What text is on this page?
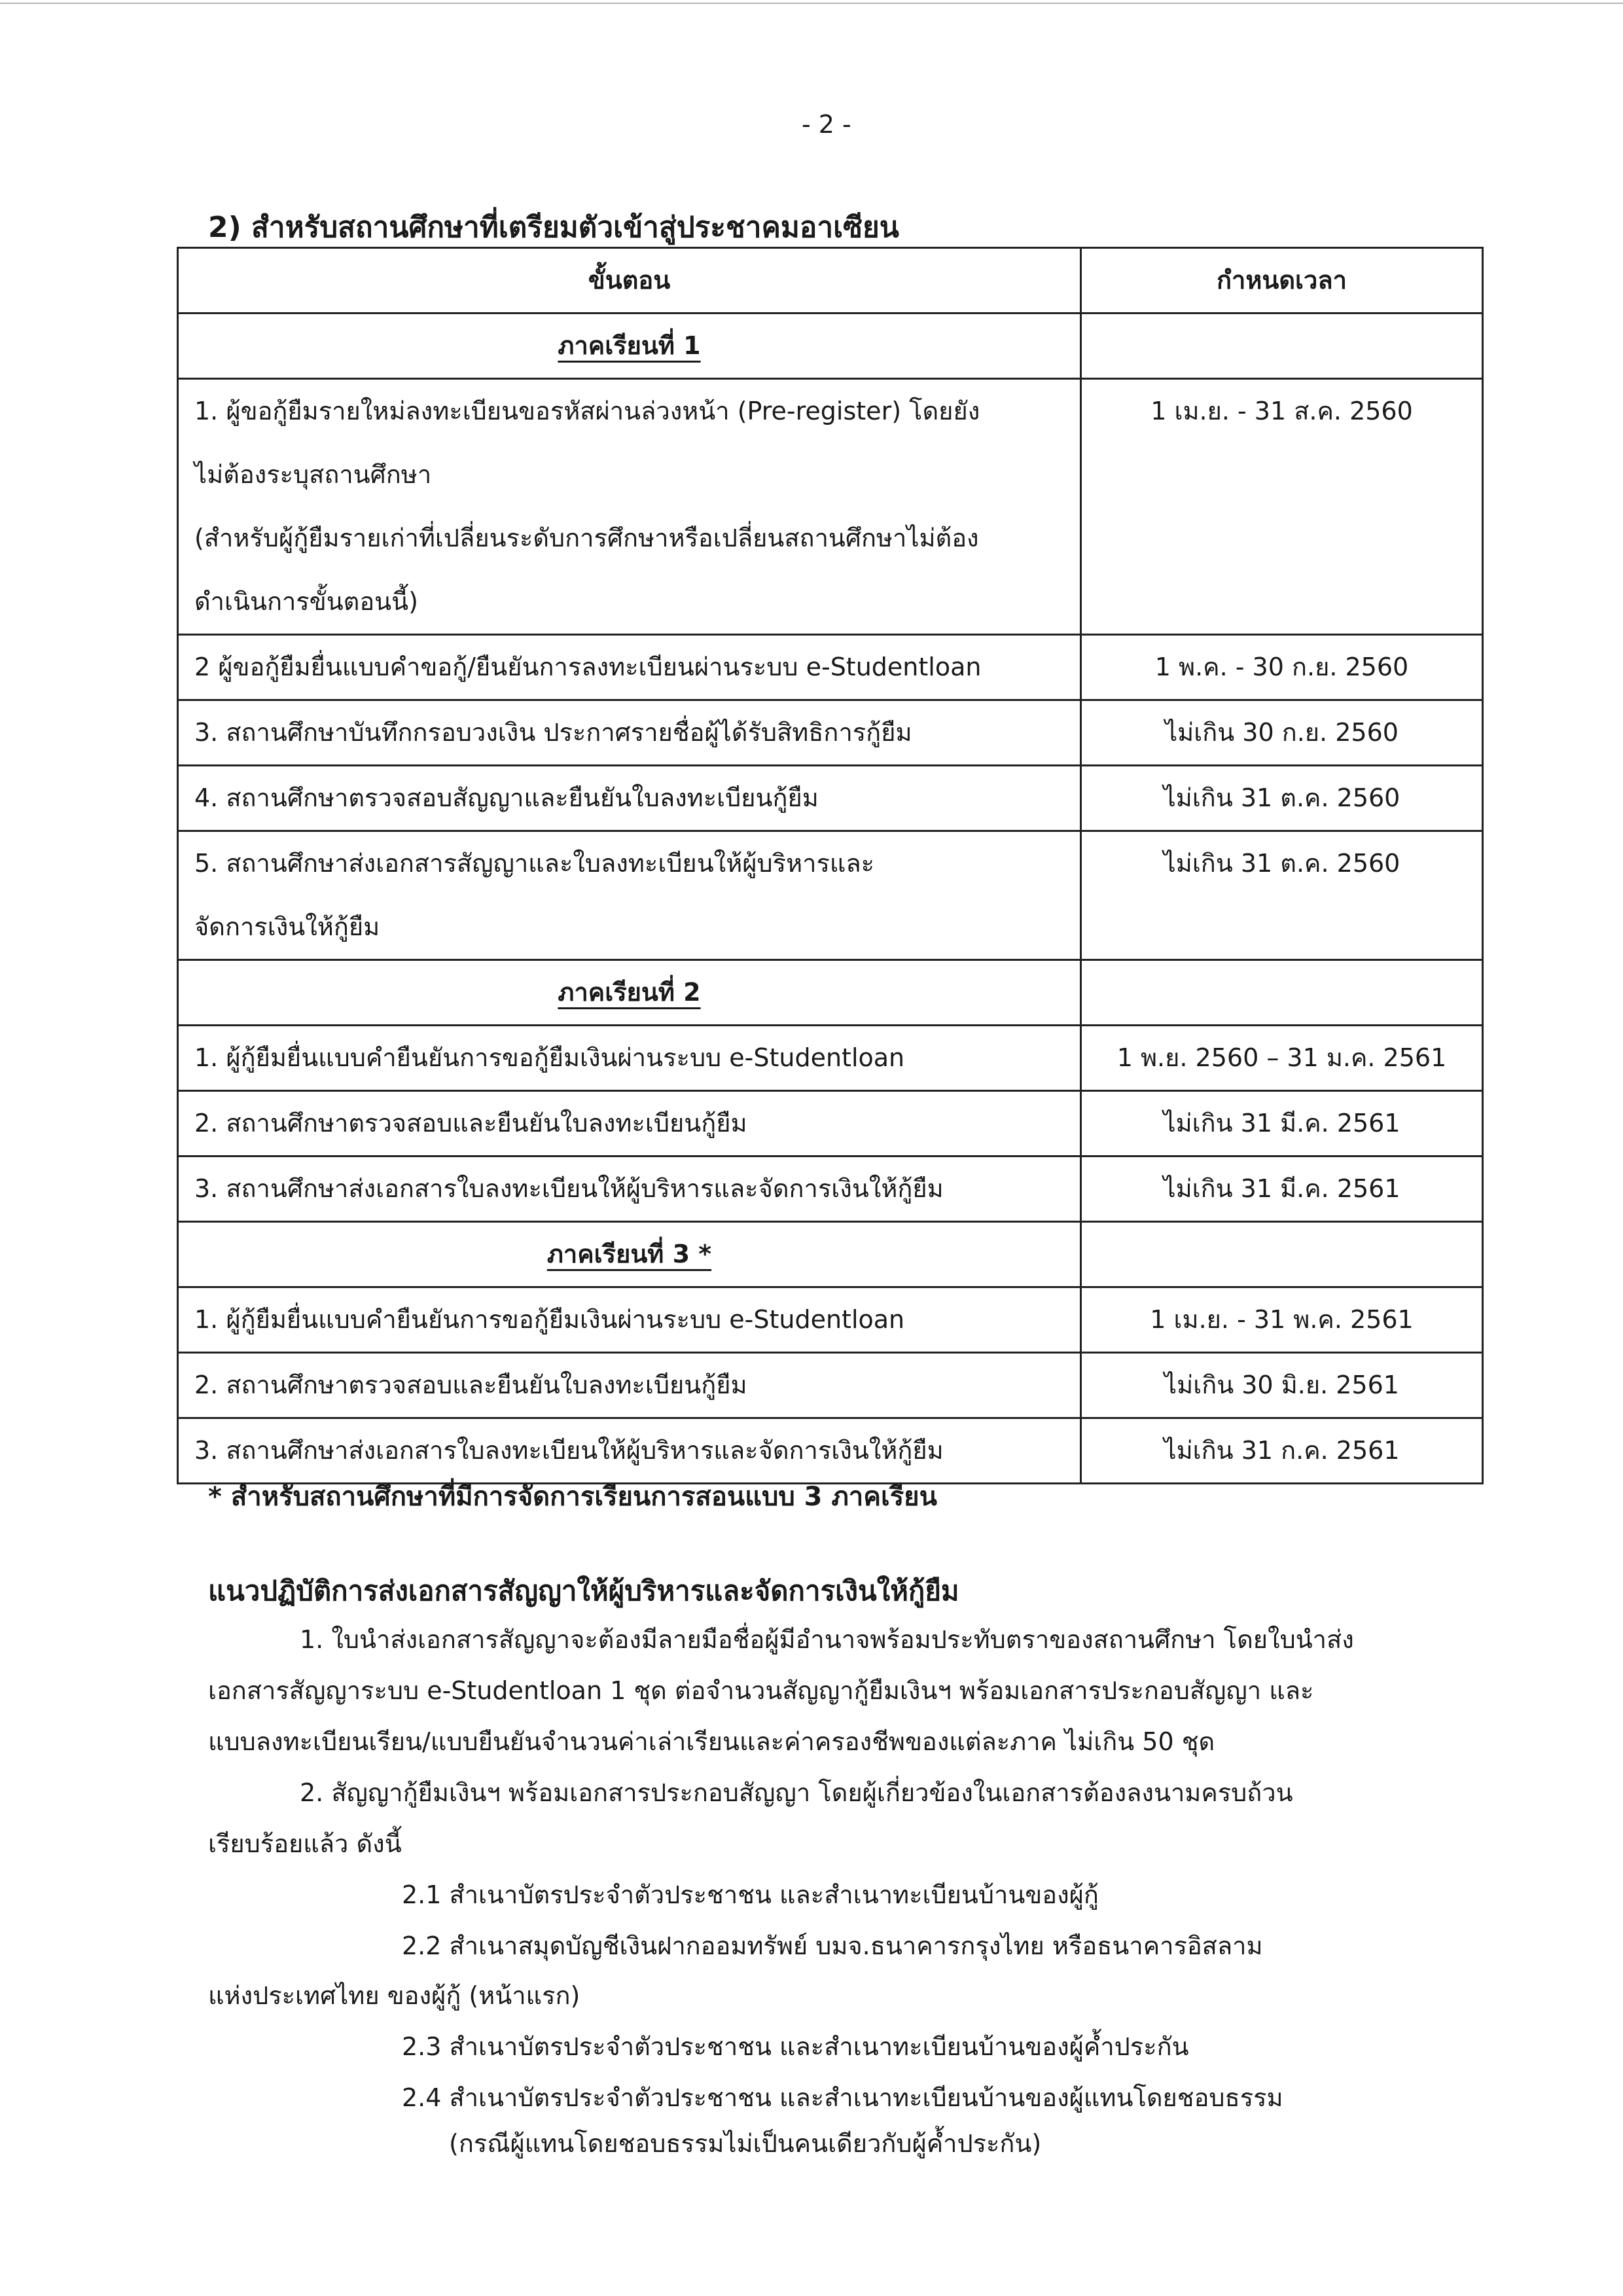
- 2 -
2) สำหรับสถานศึกษาที่เตรียมตัวเข้าสู่ประชาคมอาเซียน
ขั้นตอน	กำหนดเวลา
ภาคเรียนที่ 1	

1. ผู้ขอกู้ยืมรายใหม่ลงทะเบียนขอรหัสผ่านล่วงหน้า (Pre-register) โดยยัง
ไม่ต้องระบุสถานศึกษา
(สำหรับผู้กู้ยืมรายเก่าที่เปลี่ยนระดับการศึกษาหรือเปลี่ยนสถานศึกษาไม่ต้อง
ดำเนินการขั้นตอนนี้)	1 เม.ย. - 31 ส.ค. 2560

2 ผู้ขอกู้ยืมยื่นแบบคำขอกู้/ยืนยันการลงทะเบียนผ่านระบบ e-Studentloan	1 พ.ค. - 30 ก.ย. 2560

3. สถานศึกษาบันทึกกรอบวงเงิน ประกาศรายชื่อผู้ได้รับสิทธิการกู้ยืม	ไม่เกิน 30 ก.ย. 2560

4. สถานศึกษาตรวจสอบสัญญาและยืนยันใบลงทะเบียนกู้ยืม	ไม่เกิน 31 ต.ค. 2560

5. สถานศึกษาส่งเอกสารสัญญาและใบลงทะเบียนให้ผู้บริหารและ
จัดการเงินให้กู้ยืม	ไม่เกิน 31 ต.ค. 2560
ภาคเรียนที่ 2	

1. ผู้กู้ยืมยื่นแบบคำยืนยันการขอกู้ยืมเงินผ่านระบบ e-Studentloan	1 พ.ย. 2560 – 31 ม.ค. 2561

2. สถานศึกษาตรวจสอบและยืนยันใบลงทะเบียนกู้ยืม	ไม่เกิน 31 มี.ค. 2561

3. สถานศึกษาส่งเอกสารใบลงทะเบียนให้ผู้บริหารและจัดการเงินให้กู้ยืม	ไม่เกิน 31 มี.ค. 2561
ภาคเรียนที่ 3 *	

1. ผู้กู้ยืมยื่นแบบคำยืนยันการขอกู้ยืมเงินผ่านระบบ e-Studentloan	1 เม.ย. - 31 พ.ค. 2561

2. สถานศึกษาตรวจสอบและยืนยันใบลงทะเบียนกู้ยืม	ไม่เกิน 30 มิ.ย. 2561

3. สถานศึกษาส่งเอกสารใบลงทะเบียนให้ผู้บริหารและจัดการเงินให้กู้ยืม	ไม่เกิน 31 ก.ค. 2561
* สำหรับสถานศึกษาที่มีการจัดการเรียนการสอนแบบ 3 ภาคเรียน
แนวปฏิบัติการส่งเอกสารสัญญาให้ผู้บริหารและจัดการเงินให้กู้ยืม
1. ใบนำส่งเอกสารสัญญาจะต้องมีลายมือชื่อผู้มีอำนาจพร้อมประทับตราของสถานศึกษา โดยใบนำส่ง
เอกสารสัญญาระบบ e-Studentloan 1 ชุด ต่อจำนวนสัญญากู้ยืมเงินฯ พร้อมเอกสารประกอบสัญญา และ
แบบลงทะเบียนเรียน/แบบยืนยันจำนวนค่าเล่าเรียนและค่าครองชีพของแต่ละภาค ไม่เกิน 50 ชุด
2. สัญญากู้ยืมเงินฯ พร้อมเอกสารประกอบสัญญา โดยผู้เกี่ยวข้องในเอกสารต้องลงนามครบถ้วน
เรียบร้อยแล้ว ดังนี้
2.1 สำเนาบัตรประจำตัวประชาชน และสำเนาทะเบียนบ้านของผู้กู้
2.2 สำเนาสมุดบัญชีเงินฝากออมทรัพย์ บมจ.ธนาคารกรุงไทย หรือธนาคารอิสลาม
แห่งประเทศไทย ของผู้กู้ (หน้าแรก)
2.3 สำเนาบัตรประจำตัวประชาชน และสำเนาทะเบียนบ้านของผู้ค้ำประกัน
2.4 สำเนาบัตรประจำตัวประชาชน และสำเนาทะเบียนบ้านของผู้แทนโดยชอบธรรม
(กรณีผู้แทนโดยชอบธรรมไม่เป็นคนเดียวกับผู้ค้ำประกัน)
